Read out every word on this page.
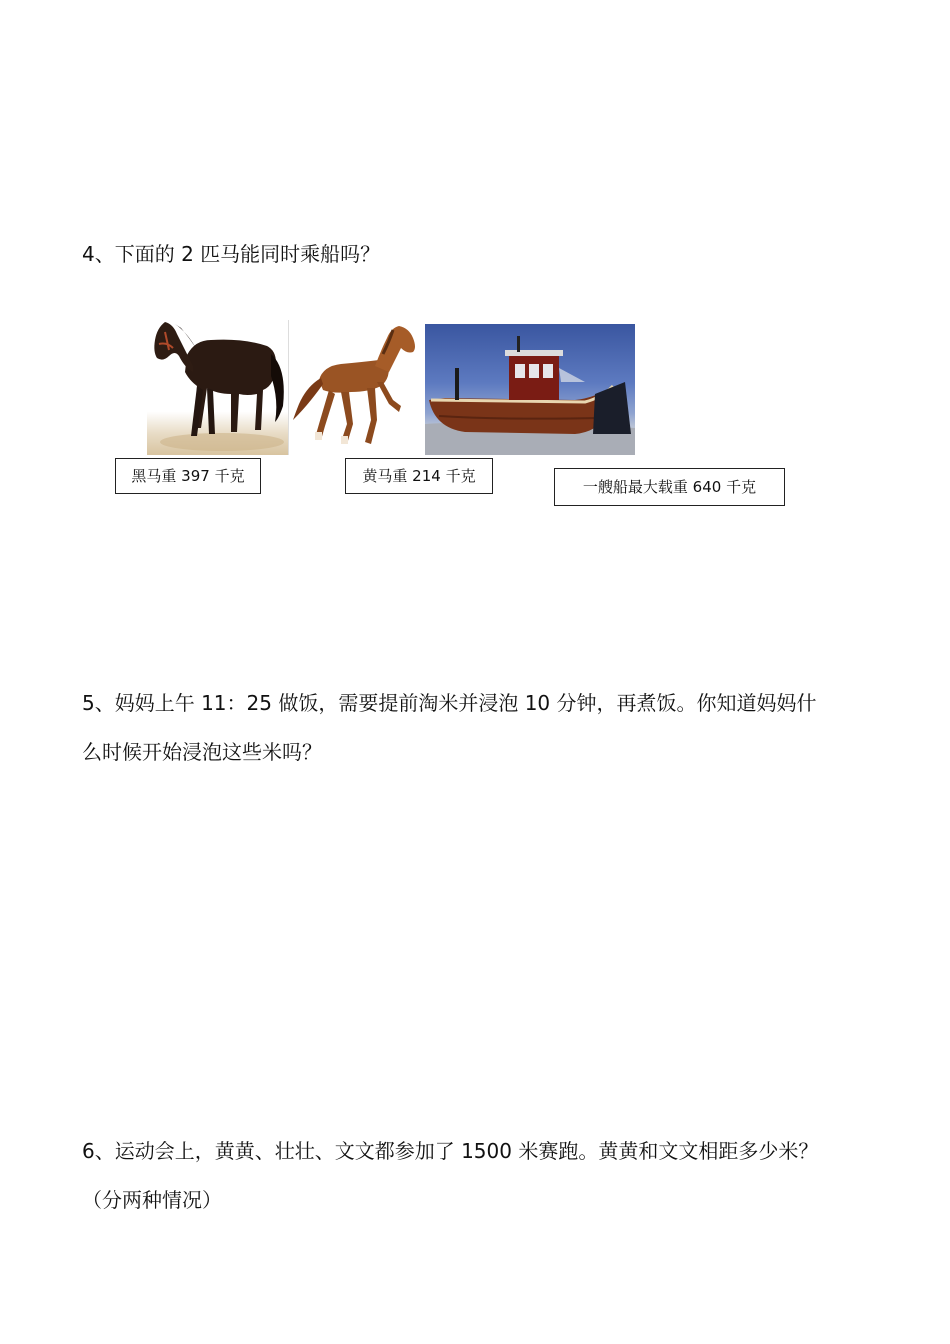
4、下面的 2 匹马能同时乘船吗？

黑马重 397 千克	黄马重 214 千克
一艘船最大载重 640 千克

5、妈妈上午 11：25 做饭，需要提前淘米并浸泡 10 分钟，再煮饭。你知道妈妈什

么时候开始浸泡这些米吗？

6、运动会上，黄黄、壮壮、文文都参加了 1500 米赛跑。黄黄和文文相距多少米？

（分两种情况）
